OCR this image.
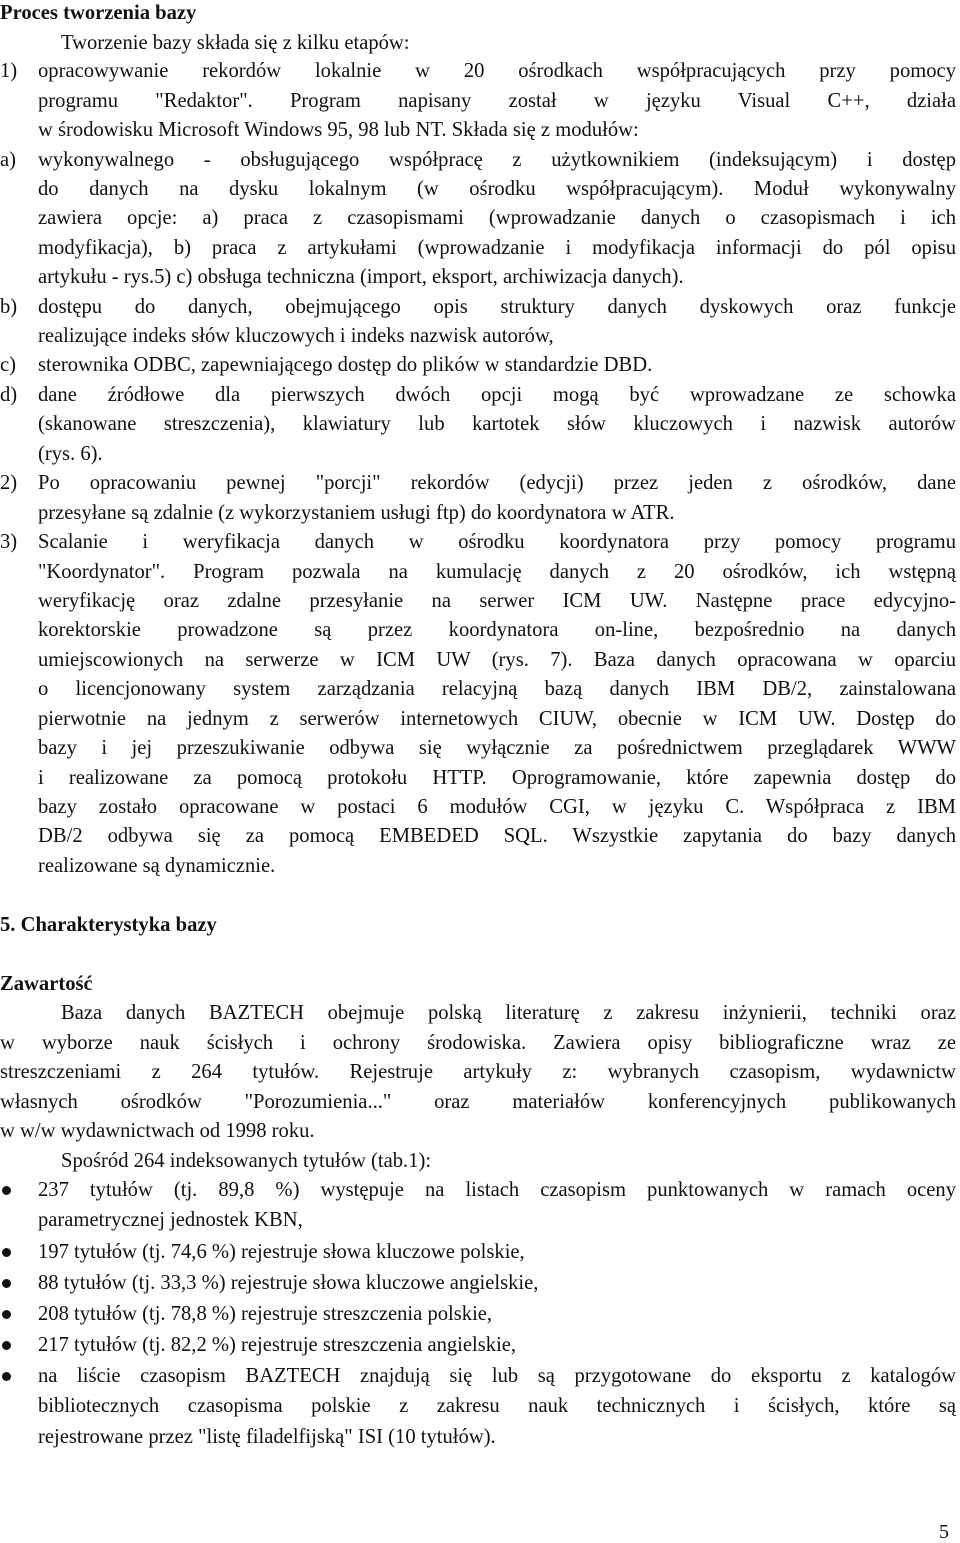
Proces tworzenia bazy
Tworzenie bazy składa się z kilku etapów:
1) opracowywanie rekordów lokalnie w 20 ośrodkach współpracujących przy pomocy
programu "Redaktor". Program napisany został w języku Visual C++, działa
w środowisku Microsoft Windows 95, 98 lub NT. Składa się z modułów:
a) wykonywalnego - obsługującego współpracę z użytkownikiem (indeksującym) i dostęp
do danych na dysku lokalnym (w ośrodku współpracującym). Moduł wykonywalny
zawiera opcje: a) praca z czasopismami (wprowadzanie danych o czasopismach i ich
modyfikacja), b) praca z artykułami (wprowadzanie i modyfikacja informacji do pól opisu
artykułu - rys.5) c) obsługa techniczna (import, eksport, archiwizacja danych).
b) dostępu do danych, obejmującego opis struktury danych dyskowych oraz funkcje
realizujące indeks słów kluczowych i indeks nazwisk autorów,
c) sterownika ODBC, zapewniającego dostęp do plików w standardzie DBD.
d) dane źródłowe dla pierwszych dwóch opcji mogą być wprowadzane ze schowka
(skanowane streszczenia), klawiatury lub kartotek słów kluczowych i nazwisk autorów
(rys. 6).
2) Po opracowaniu pewnej "porcji" rekordów (edycji) przez jeden z ośrodków, dane
przesyłane są zdalnie (z wykorzystaniem usługi ftp) do koordynatora w ATR.
3) Scalanie i weryfikacja danych w ośrodku koordynatora przy pomocy programu
"Koordynator". Program pozwala na kumulację danych z 20 ośrodków, ich wstępną
weryfikację oraz zdalne przesyłanie na serwer ICM UW. Następne prace edycyjno-
korektorskie prowadzone są przez koordynatora on-line, bezpośrednio na danych
umiejscowionych na serwerze w ICM UW (rys. 7). Baza danych opracowana w oparciu
o licencjonowany system zarządzania relacyjną bazą danych IBM DB/2, zainstalowana
pierwotnie na jednym z serwerów internetowych CIUW, obecnie w ICM UW. Dostęp do
bazy i jej przeszukiwanie odbywa się wyłącznie za pośrednictwem przeglądarek WWW
i realizowane za pomocą protokołu HTTP. Oprogramowanie, które zapewnia dostęp do
bazy zostało opracowane w postaci 6 modułów CGI, w języku C. Współpraca z IBM
DB/2 odbywa się za pomocą EMBEDED SQL. Wszystkie zapytania do bazy danych
realizowane są dynamicznie.
5. Charakterystyka bazy
Zawartość
Baza danych BAZTECH obejmuje polską literaturę z zakresu inżynierii, techniki oraz
w wyborze nauk ścisłych i ochrony środowiska. Zawiera opisy bibliograficzne wraz ze
streszczeniami z 264 tytułów. Rejestruje artykuły z: wybranych czasopism, wydawnictw
własnych ośrodków "Porozumienia..." oraz materiałów konferencyjnych publikowanych
w w/w wydawnictwach od 1998 roku.
Spośród 264 indeksowanych tytułów (tab.1):
237 tytułów (tj. 89,8 %) występuje na listach czasopism punktowanych w ramach oceny
parametrycznej jednostek KBN,
197 tytułów (tj. 74,6 %) rejestruje słowa kluczowe polskie,
88 tytułów (tj. 33,3 %) rejestruje słowa kluczowe angielskie,
208 tytułów (tj. 78,8 %) rejestruje streszczenia polskie,
217 tytułów (tj. 82,2 %) rejestruje streszczenia angielskie,
na liście czasopism BAZTECH znajdują się lub są przygotowane do eksportu z katalogów
bibliotecznych czasopisma polskie z zakresu nauk technicznych i ścisłych, które są
rejestrowane przez "listę filadelfijską" ISI (10 tytułów).
5
